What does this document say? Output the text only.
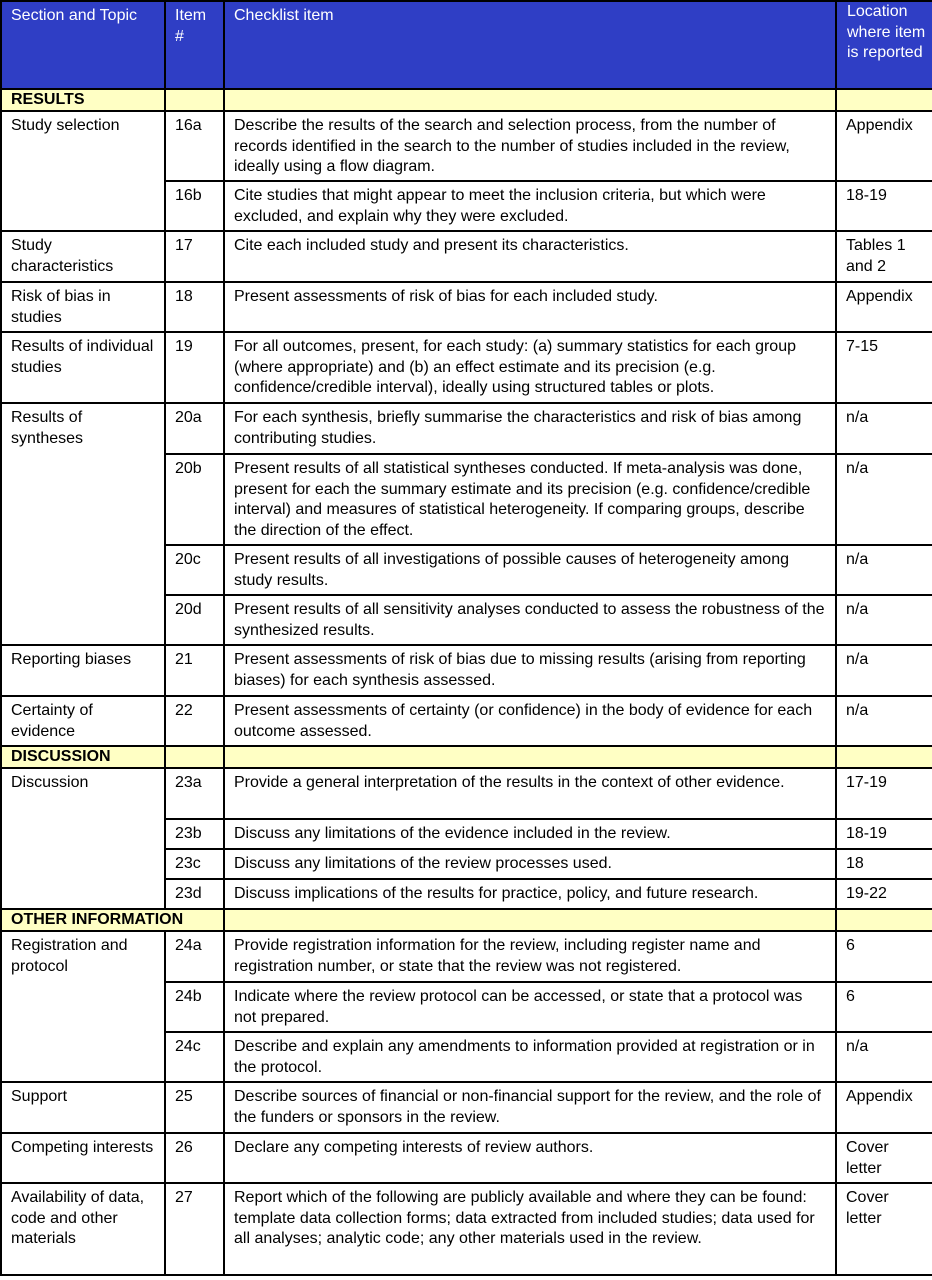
Section and Topic	Item #	Checklist item	Location where item is reported
RESULTS			
Study selection	16a	Describe the results of the search and selection process, from the number of records identified in the search to the number of studies included in the review, ideally using a flow diagram.	Appendix
	16b	Cite studies that might appear to meet the inclusion criteria, but which were excluded, and explain why they were excluded.	18-19
Study characteristics	17	Cite each included study and present its characteristics.	Tables 1 and 2
Risk of bias in studies	18	Present assessments of risk of bias for each included study.	Appendix
Results of individual studies	19	For all outcomes, present, for each study: (a) summary statistics for each group (where appropriate) and (b) an effect estimate and its precision (e.g. confidence/credible interval), ideally using structured tables or plots.	7-15
Results of syntheses	20a	For each synthesis, briefly summarise the characteristics and risk of bias among contributing studies.	n/a
	20b	Present results of all statistical syntheses conducted. If meta-analysis was done, present for each the summary estimate and its precision (e.g. confidence/credible interval) and measures of statistical heterogeneity. If comparing groups, describe the direction of the effect.	n/a
	20c	Present results of all investigations of possible causes of heterogeneity among study results.	n/a
	20d	Present results of all sensitivity analyses conducted to assess the robustness of the synthesized results.	n/a
Reporting biases	21	Present assessments of risk of bias due to missing results (arising from reporting biases) for each synthesis assessed.	n/a
Certainty of evidence	22	Present assessments of certainty (or confidence) in the body of evidence for each outcome assessed.	n/a
DISCUSSION			
Discussion	23a	Provide a general interpretation of the results in the context of other evidence.	17-19
	23b	Discuss any limitations of the evidence included in the review.	18-19
	23c	Discuss any limitations of the review processes used.	18
	23d	Discuss implications of the results for practice, policy, and future research.	19-22
OTHER INFORMATION			
Registration and protocol	24a	Provide registration information for the review, including register name and registration number, or state that the review was not registered.	6
	24b	Indicate where the review protocol can be accessed, or state that a protocol was not prepared.	6
	24c	Describe and explain any amendments to information provided at registration or in the protocol.	n/a
Support	25	Describe sources of financial or non-financial support for the review, and the role of the funders or sponsors in the review.	Appendix
Competing interests	26	Declare any competing interests of review authors.	Cover letter
Availability of data, code and other materials	27	Report which of the following are publicly available and where they can be found: template data collection forms; data extracted from included studies; data used for all analyses; analytic code; any other materials used in the review.	Cover letter
